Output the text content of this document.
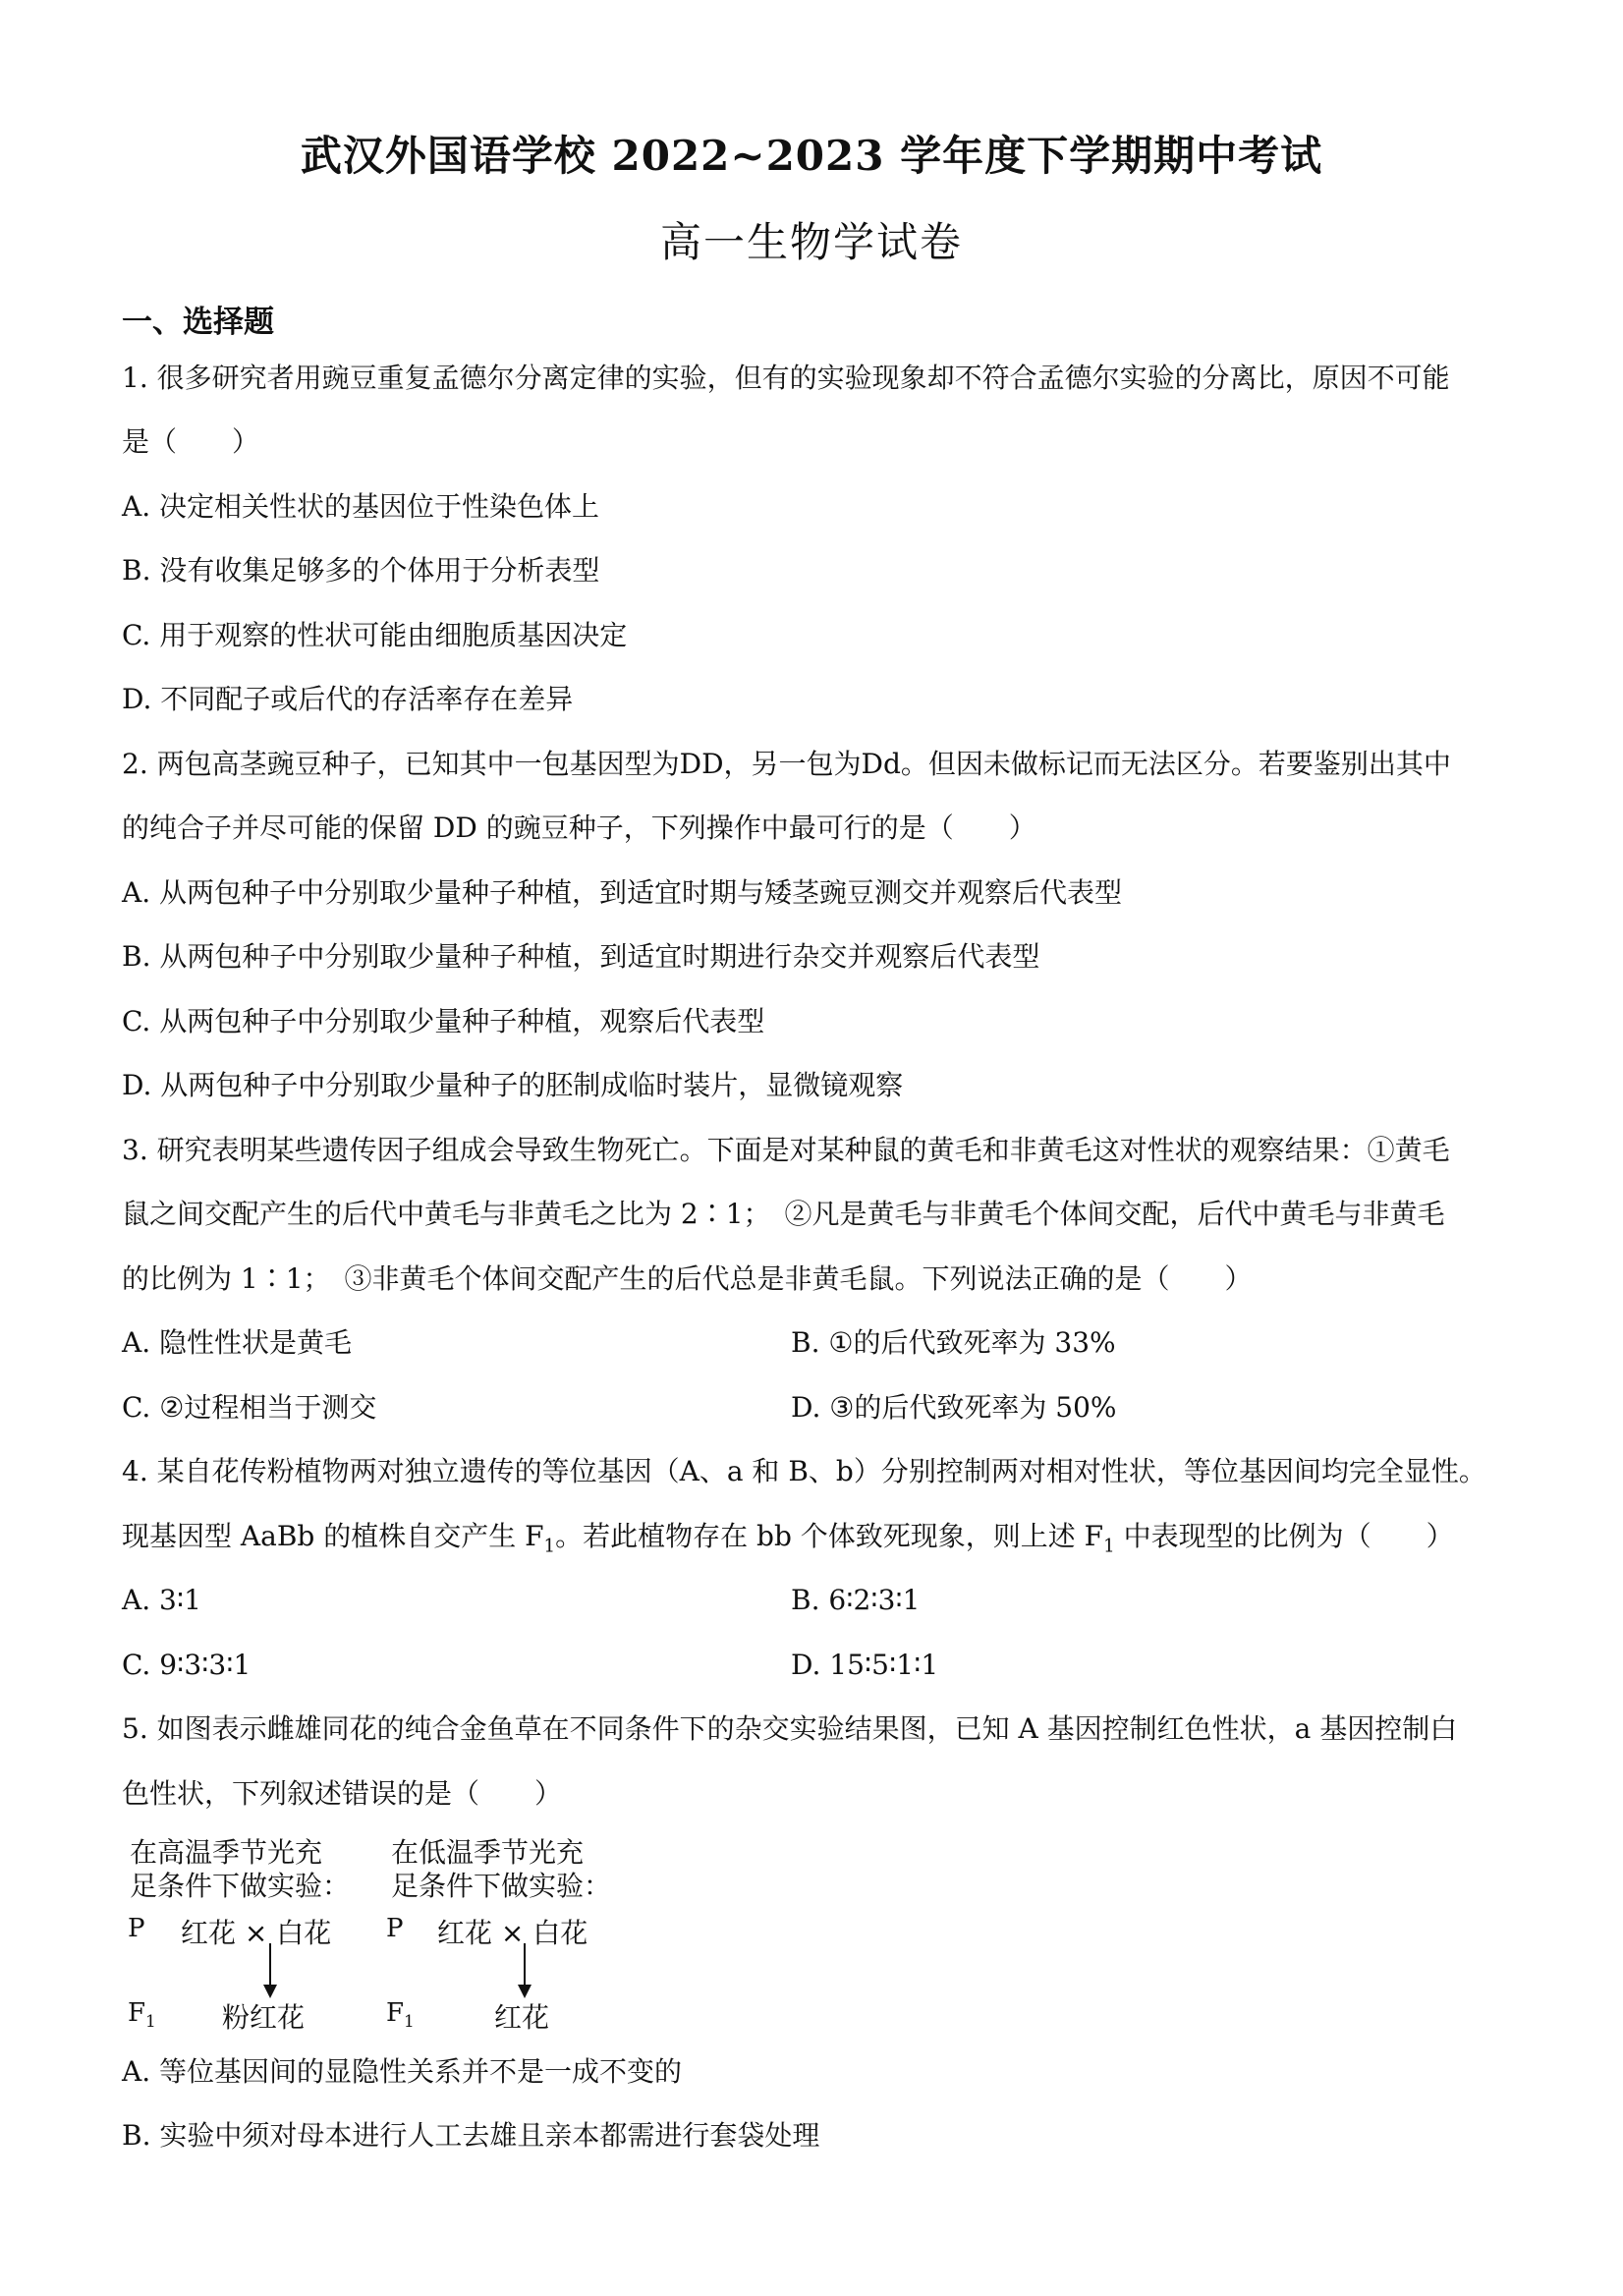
武汉外国语学校 2022~2023 学年度下学期期中考试
高一生物学试卷
一、选择题
1. 很多研究者用豌豆重复孟德尔分离定律的实验，但有的实验现象却不符合孟德尔实验的分离比，原因不可能
是（　　）
A. 决定相关性状的基因位于性染色体上
B. 没有收集足够多的个体用于分析表型
C. 用于观察的性状可能由细胞质基因决定
D. 不同配子或后代的存活率存在差异
2. 两包高茎豌豆种子，已知其中一包基因型为DD，另一包为Dd。但因未做标记而无法区分。若要鉴别出其中
的纯合子并尽可能的保留 DD 的豌豆种子，下列操作中最可行的是（　　）
A. 从两包种子中分别取少量种子种植，到适宜时期与矮茎豌豆测交并观察后代表型
B. 从两包种子中分别取少量种子种植，到适宜时期进行杂交并观察后代表型
C. 从两包种子中分别取少量种子种植，观察后代表型
D. 从两包种子中分别取少量种子的胚制成临时装片，显微镜观察
3. 研究表明某些遗传因子组成会导致生物死亡。下面是对某种鼠的黄毛和非黄毛这对性状的观察结果：①黄毛
鼠之间交配产生的后代中黄毛与非黄毛之比为 2∶1；　②凡是黄毛与非黄毛个体间交配，后代中黄毛与非黄毛
的比例为 1∶1；　③非黄毛个体间交配产生的后代总是非黄毛鼠。下列说法正确的是（　　）
A. 隐性性状是黄毛	B. ①的后代致死率为 33%
C. ②过程相当于测交	D. ③的后代致死率为 50%
4. 某自花传粉植物两对独立遗传的等位基因（A、a 和 B、b）分别控制两对相对性状，等位基因间均完全显性。
现基因型 AaBb 的植株自交产生 $F_1$。若此植物存在 bb 个体致死现象，则上述 $F_1$ 中表现型的比例为（　　）
A. 3∶1	B. 6∶2∶3∶1
C. 9∶3∶3∶1	D. 15∶5∶1∶1
5. 如图表示雌雄同花的纯合金鱼草在不同条件下的杂交实验结果图，已知 A 基因控制红色性状，a 基因控制白
色性状，下列叙述错误的是（　　）
在高温季节光充
足条件下做实验：
在低温季节光充
足条件下做实验：
P 红花 × 白花 P 红花 × 白花
$F_1$ 粉红花	$F_1$	红花
A. 等位基因间的显隐性关系并不是一成不变的
B. 实验中须对母本进行人工去雄且亲本都需进行套袋处理
